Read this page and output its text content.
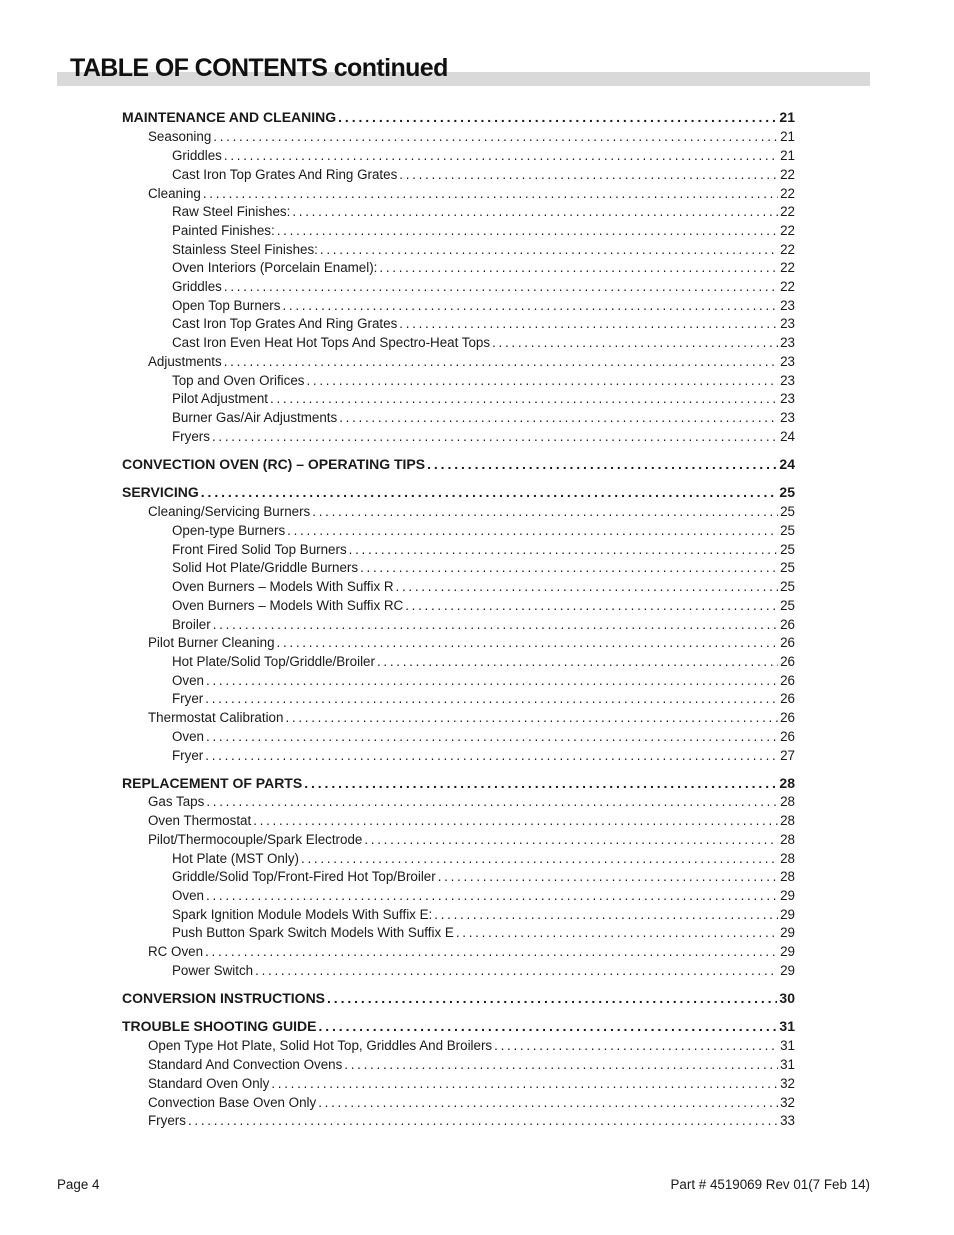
TABLE OF CONTENTS continued
MAINTENANCE AND CLEANING . . .	21
Seasoning . . .	21
Griddles . . .	21
Cast Iron Top Grates And Ring Grates . . .	22
Cleaning . . .	22
Raw Steel Finishes: . . .	22
Painted Finishes: . . .	22
Stainless Steel Finishes: . . .	22
Oven Interiors (Porcelain Enamel): . . .	22
Griddles . . .	22
Open Top Burners . . .	23
Cast Iron Top Grates And Ring Grates . . .	23
Cast Iron Even Heat Hot Tops And Spectro-Heat Tops . . .	23
Adjustments . . .	23
Top and Oven Orifices . . .	23
Pilot Adjustment . . .	23
Burner Gas/Air Adjustments . . .	23
Fryers . . .	24
CONVECTION OVEN (RC) – OPERATING TIPS . . .	24
SERVICING . . .	25
Cleaning/Servicing Burners . . .	25
Open-type Burners . . .	25
Front Fired Solid Top Burners . . .	25
Solid Hot Plate/Griddle Burners . . .	25
Oven Burners – Models With Suffix R . . .	25
Oven Burners – Models With Suffix RC . . .	25
Broiler . . .	26
Pilot Burner Cleaning . . .	26
Hot Plate/Solid Top/Griddle/Broiler . . .	26
Oven . . .	26
Fryer . . .	26
Thermostat Calibration . . .	26
Oven . . .	26
Fryer . . .	27
REPLACEMENT OF PARTS . . .	28
Gas Taps . . .	28
Oven Thermostat . . .	28
Pilot/Thermocouple/Spark Electrode . . .	28
Hot Plate (MST Only) . . .	28
Griddle/Solid Top/Front-Fired Hot Top/Broiler . . .	28
Oven . . .	29
Spark Ignition Module Models With Suffix E: . . .	29
Push Button Spark Switch Models With Suffix E . . .	29
RC Oven . . .	29
Power Switch . . .	29
CONVERSION INSTRUCTIONS . . .	30
TROUBLE SHOOTING GUIDE . . .	31
Open Type Hot Plate, Solid Hot Top, Griddles And Broilers . . .	31
Standard And Convection Ovens . . .	31
Standard Oven Only . . .	32
Convection Base Oven Only . . .	32
Fryers . . .	33
Page 4	Part # 4519069 Rev 01(7 Feb 14)
